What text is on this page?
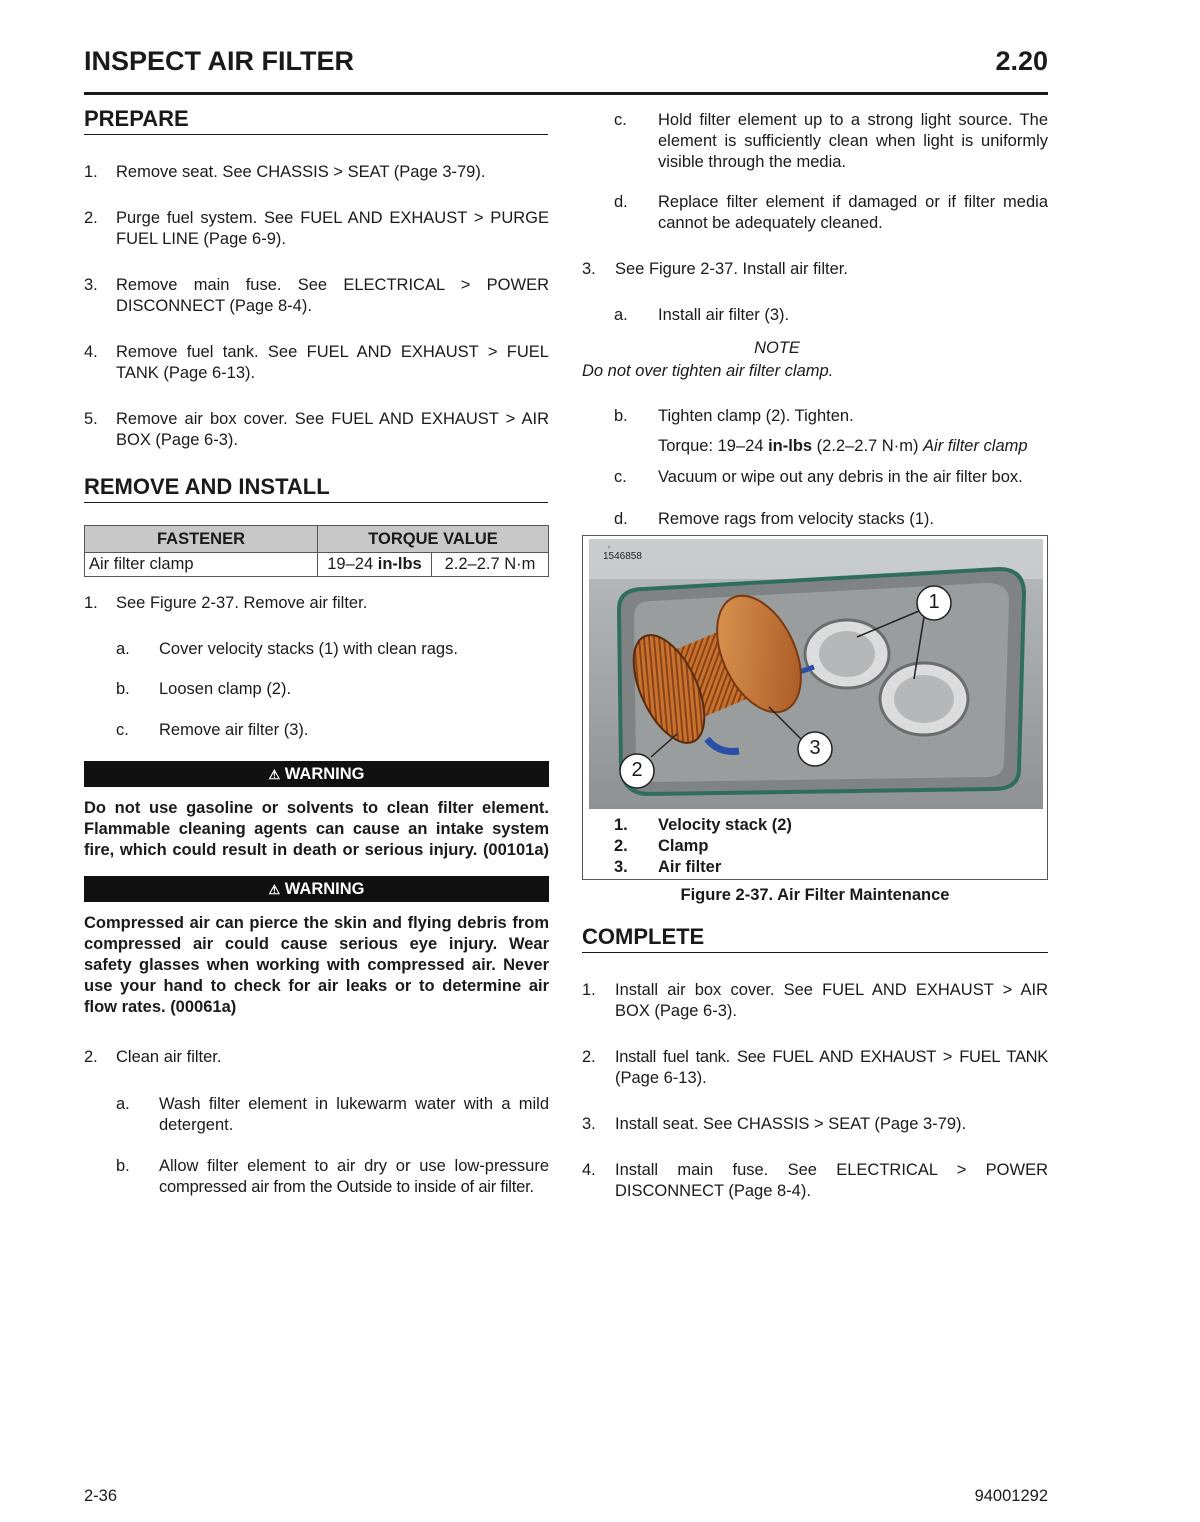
INSPECT AIR FILTER	2.20
PREPARE
1. Remove seat. See CHASSIS > SEAT (Page 3-79).
2. Purge fuel system. See FUEL AND EXHAUST > PURGE
FUEL LINE (Page 6-9).
3. Remove main fuse. See ELECTRICAL > POWER
DISCONNECT (Page 8-4).
4. Remove fuel tank. See FUEL AND EXHAUST > FUEL
TANK (Page 6-13).
5. Remove air box cover. See FUEL AND EXHAUST > AIR
BOX (Page 6-3).
REMOVE AND INSTALL
FASTENER	TORQUE VALUE	
Air filter clamp	19–24 in-lbs	2.2–2.7 N·m
1. See Figure 2-37. Remove air filter.
a. Cover velocity stacks (1) with clean rags.
b. Loosen clamp (2).
c. Remove air filter (3).
⚠ WARNING
Do not use gasoline or solvents to clean filter element.
Flammable cleaning agents can cause an intake system
fire, which could result in death or serious injury. (00101a)
⚠ WARNING
Compressed air can pierce the skin and flying debris from
compressed air could cause serious eye injury. Wear
safety glasses when working with compressed air. Never
use your hand to check for air leaks or to determine air
flow rates. (00061a)
2. Clean air filter.
a. Wash filter element in lukewarm water with a mild
detergent.
b. Allow filter element to air dry or use low-pressure
compressed air from the Outside to inside of air filter.
c. Hold filter element up to a strong light source. The
element is sufficiently clean when light is uniformly
visible through the media.
d. Replace filter element if damaged or if filter media
cannot be adequately cleaned.
3. See Figure 2-37. Install air filter.
a. Install air filter (3).
NOTE
Do not over tighten air filter clamp.
b. Tighten clamp (2). Tighten.
Torque: 19–24 in-lbs (2.2–2.7 N·m) Air filter clamp
c. Vacuum or wipe out any debris in the air filter box.
d. Remove rags from velocity stacks (1).
1546858
1
2
3
1. Velocity stack (2)
2. Clamp
3. Air filter
Figure 2-37. Air Filter Maintenance
COMPLETE
1. Install air box cover. See FUEL AND EXHAUST > AIR
BOX (Page 6-3).
2. Install fuel tank. See FUEL AND EXHAUST > FUEL TANK
(Page 6-13).
3. Install seat. See CHASSIS > SEAT (Page 3-79).
4. Install main fuse. See ELECTRICAL > POWER
DISCONNECT (Page 8-4).
2-36	94001292
